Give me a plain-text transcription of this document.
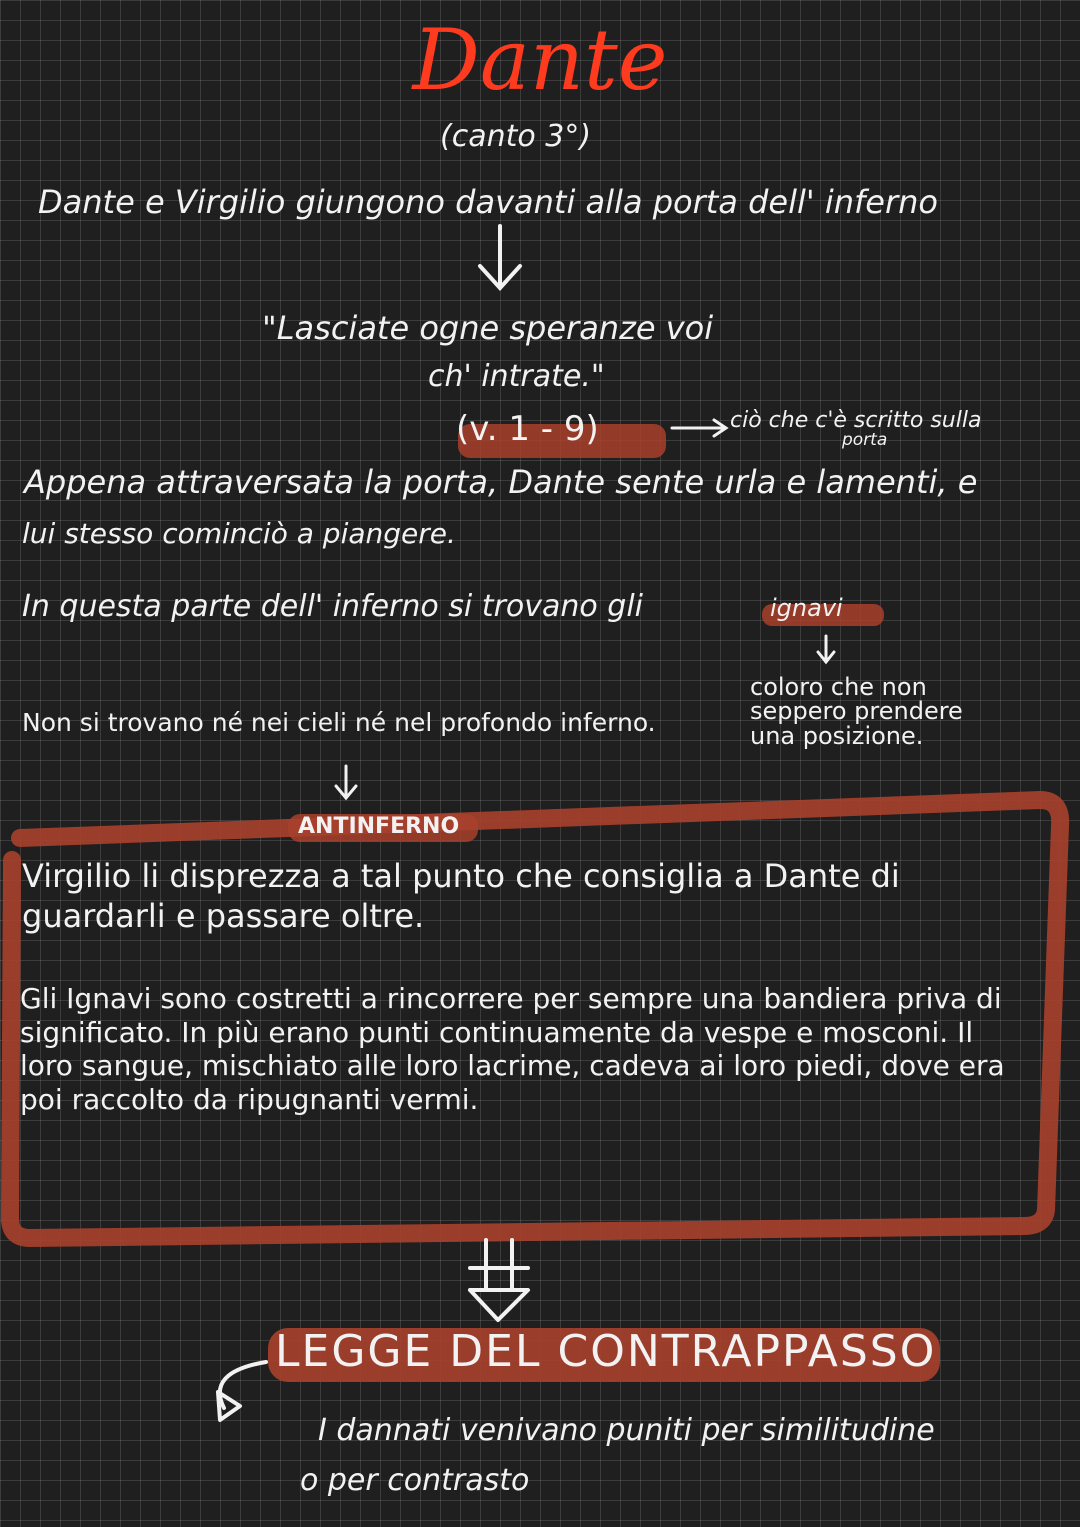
Dante
(canto 3°)
Dante e Virgilio giungono davanti alla porta dell' inferno
"Lasciate ogne speranze voi
ch' intrate."
(v. 1 - 9)	ciò che c'è scritto sulla
porta
Appena attraversata la porta, Dante sente urla e lamenti, e
lui stesso cominciò a piangere.
In questa parte dell' inferno si trovano gli	ignavi
coloro che non seppero prendere una posizione.
Non si trovano né nei cieli né nel profondo inferno.
ANTINFERNO
Virgilio li disprezza a tal punto che consiglia a Dante di guardarli e passare oltre.
Gli Ignavi sono costretti a rincorrere per sempre una bandiera priva di significato. In più erano punti continuamente da vespe e mosconi. Il loro sangue, mischiato alle loro lacrime, cadeva ai loro piedi, dove era poi raccolto da ripugnanti vermi.
LEGGE DEL CONTRAPPASSO
I dannati venivano puniti per similitudine
o per contrasto
